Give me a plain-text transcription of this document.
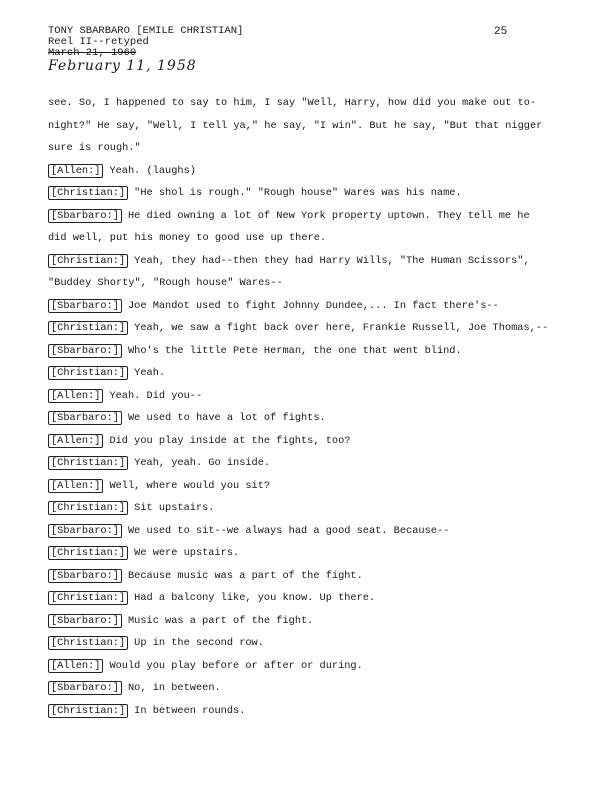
TONY SBARBARO [EMILE CHRISTIAN]
Reel II--retyped
March 21, 1960
February 11, 1958
25
see. So, I happened to say to him, I say "Well, Harry, how did you make out to-
night?" He say, "Well, I tell ya," he say, "I win". But he say, "But that nigger
sure is rough."
[Allen:] Yeah. (laughs)
[Christian:] "He shol is rough." "Rough house" Wares was his name.
[Sbarbaro:] He died owning a lot of New York property uptown. They tell me he
did well, put his money to good use up there.
[Christian:] Yeah, they had--then they had Harry Wills, "The Human Scissors",
"Buddey Shorty", "Rough house" Wares--
[Sbarbaro:] Joe Mandot used to fight Johnny Dundee,... In fact there's--
[Christian:] Yeah, we saw a fight back over here, Frankie Russell, Joe Thomas,--
[Sbarbaro:] Who's the little Pete Herman, the one that went blind.
[Christian:] Yeah.
[Allen:] Yeah. Did you--
[Sbarbaro:] We used to have a lot of fights.
[Allen:] Did you play inside at the fights, too?
[Christian:] Yeah, yeah. Go inside.
[Allen:] Well, where would you sit?
[Christian:] Sit upstairs.
[Sbarbaro:] We used to sit--we always had a good seat. Because--
[Christian:] We were upstairs.
[Sbarbaro:] Because music was a part of the fight.
[Christian:] Had a balcony like, you know. Up there.
[Sbarbaro:] Music was a part of the fight.
[Christian:] Up in the second row.
[Allen:] Would you play before or after or during.
[Sbarbaro:] No, in between.
[Christian:] In between rounds.
